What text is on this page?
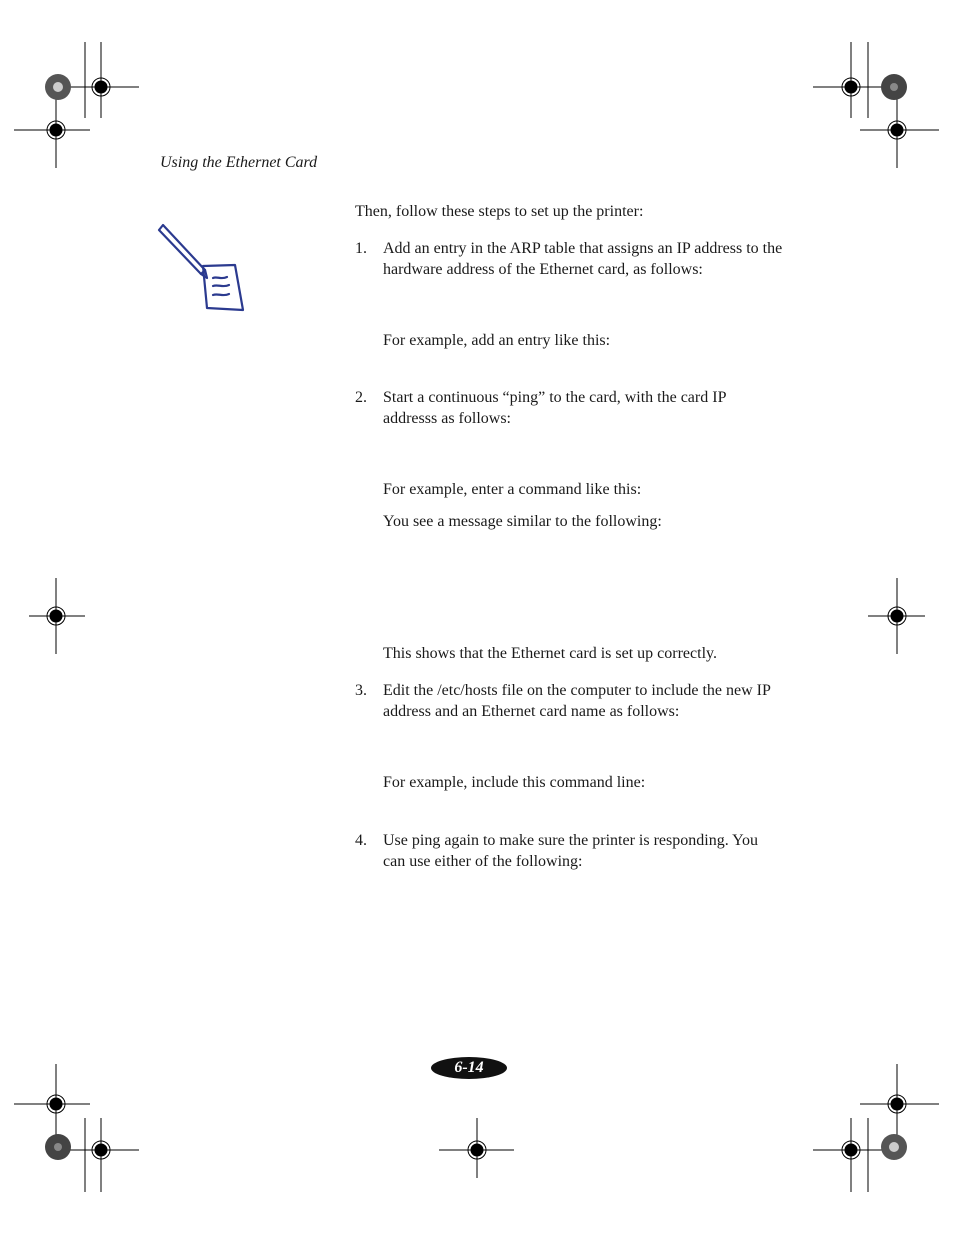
Using the Ethernet Card
Then, follow these steps to set up the printer:
1. Add an entry in the ARP table that assigns an IP address to the hardware address of the Ethernet card, as follows:
For example, add an entry like this:
2. Start a continuous “ping” to the card, with the card IP addresss as follows:
For example, enter a command like this:
You see a message similar to the following:
This shows that the Ethernet card is set up correctly.
3. Edit the /etc/hosts file on the computer to include the new IP address and an Ethernet card name as follows:
For example, include this command line:
4. Use ping again to make sure the printer is responding. You can use either of the following:
6-14
